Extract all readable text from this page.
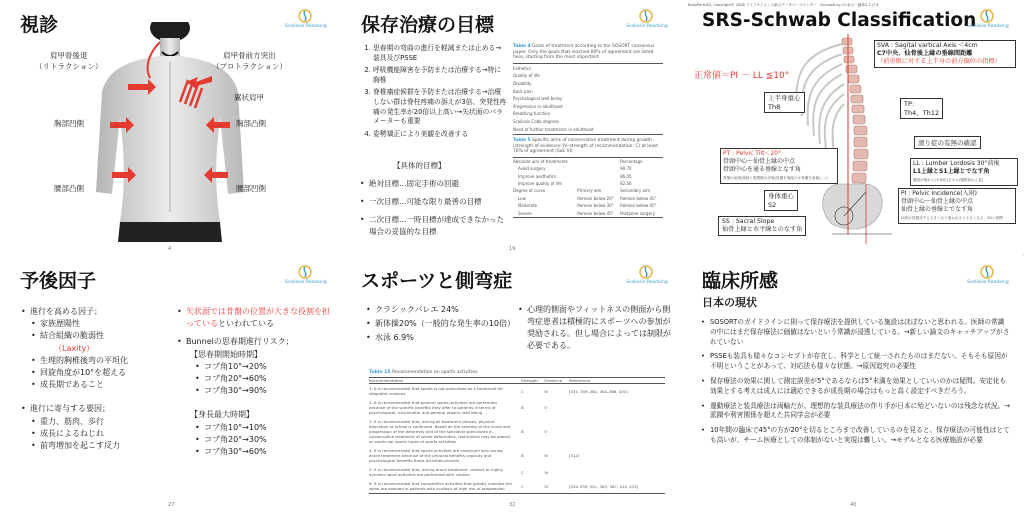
視診	Scoliosis Readaing
肩甲骨後退
（リトラクション）
肩甲骨前方突出
（プロトラクション）
翼状肩甲
胸部凹側	胸部凸側
腰部凸側	腰部凹側
4
保存治療の目標	Scoliosis Readaing
1. 思春期の弯曲の進行を軽減または止める→装具及びPSSE
2. 呼吸機能障害を予防または治療する→特に胸椎
3. 脊椎痛症候群を予防または治療する→治療しない群は脊柱疼痛の訴えが3倍、突発性疼痛の発生率が20倍以上高い→矢状面のパラメーターも重要
4. 姿勢矯正により美観を改善する
【具体的目標】
• 絶対目標…固定手術の回避
• 一次目標…可能な限り最善の目標
• 二次目標…一時目標が達成できなかった場合の妥協的な目標
Table 4 Goals of treatment according to the SOSORT consensus paper. Only the goals that reached 80% of agreement are listed here, starting from the most important
Esthetics
Quality of life
Disability
Back pain
Psychological well-being
Progression in adulthood
Breathing function
Scoliosis Cobb degrees
Need of further treatments in adulthood
Table 5 Specific aims of conservative treatment during growth (strength of evidence: IV–strength of recommendation: C) at least 70% of agreement (SoE VI)
Absolute aim of treatments		Percentage
Avoid surgery		90.70
Improve aesthetics		86.05
Improve quality of life		82.56
Degree of curve	Primary aim	Secondary aim
Low	Remain below 20°	Remain below 45°
Moderate	Remain below 30°	Remain below 45°
Severe	Remain below 45°	Postpone surgery
19
BodyParts3D, Copyright© 2008 ライフサイエンス統合データベースセンター　licensed by CC表示－継承2.1 日本
SRS-Schwab Classification
Scoliosis Readaing
正常値＝PI － LL ≦10°
SVA : Sagital vartical Axis ＜4cm
C7中央、仙骨後上縁の垂線間距離
（前重額に対する上半身の前方偏位の指標）
上半身重心
Th8	TP：
Th4、Th12
滑り症の有無の確認
PT : Pelvic Tilt＜20°
骨頭中心～仙骨上縁の中点
骨頭中心を通る垂線となす角
骨盤の前傾/後傾と股関節の評価(骨盤を後傾させ骨盤を前傾に...)
LL : Lumber Lordosis 30°前後
L1上縁とS1上縁とでなす角
腰部が後わん(平坦化)させる(腰椎前わん量)
身体重心
S2
PI : Pelvic Incidence(入射)
骨頭中心～仙骨上縁の中点
仙骨上縁の垂線とでなす角
仙骨が骨盤対する大きくなり重ねなると小さくなる：SSと相関
SS : Sacral Slope
仙骨上縁と水平線とのなす角
予後因子	Scoliosis Readaing
• 進行を高める因子；
• 家族歴陽性
• 結合組織の脆弱性
（Laxity）
• 生理的胸椎後弯の平坦化
• 回旋角度が10°を超える
• 成長期であること
• 進行に寄与する要因；
• 重力、筋肉、歩行
• 成長によるねじれ
• 前弯増加を起こす反力
• 矢状面では骨盤の位置が大きな役割を担っているといわれている
• Bunnelの思春期進行リスク；
【思春期開始時期】
• コブ角10°→20%
• コブ角20°→60%
• コブ角30°→90%
【身長最大時期】
• コブ角10°→10%
• コブ角20°→30%
• コブ角30°→60%
27
スポーツと側弯症	Scoliosis Readaing
• クラシックバレエ 24%
• 新体操20%（一般的な発生率の10倍）
• 水泳 6.9%
• 心理的側面やフィットネスの側面から側弯症患者は積極的にスポーツへの参加が奨励される。但し場合によっては制限が必要である。
Table 15 Recommendation on sports activities
Recommendation	Strength	Evidence	References
1. It is recommended that sports is not prescribed as a treatment for idiopathic scoliosis	C	IV	[331, 359–362, 364–366, 432]
2. It is recommended that general sports activities are performed because of the specific benefits they offer to patients in terms of psychological, neuromotor and general organic well-being	B	V	
3. It is recommended that, during all treatment phases, physical education at school is continued. Based on the severity of the curve and progression of the deformity and of the specialist specialized in conservative treatment of spinal deformities, restrictions may be placed on particular sports types of sports activities	B	V	
4. It is recommended that sports activities are continued also during brace treatment because of the physical benefits capacity and psychological benefits these activities provide	B	IV	[312]
5. It is recommended that, during brace treatment, contact or highly dynamic sport activities are performed with caution	C	VI	
6. It is recommended that competitive activities that greatly mobilize the spine are avoided in patients with scoliosis at high risk of progression	C	IV	[334–339, 351, 363, 367, 414, 415]
32
臨床所感	Scoliosis Readaing
日本の現状
• SOSORTのガイドラインに則って保存療法を提供している施設はほぼないと思われる。医師の常識の中にはまだ保存療法に価値はないという常識が浸透している。→新しい論文のキャッチアップがされていない
• PSSEも装具も様々なコンセプトが存在し、科学として統一されたものはまだない。そもそも原因が不明ということがあって、対応法も様々な状態。→原因追究の必要性
• 保存療法の効果に関して測定誤差が5°であるならば5°未満を効果としていいのかは疑問。安定化も効果とする考えは成人には適応できるが成長期の場合はもっと高く設定すべきだろう。
• 運動療法と装具療法は両輪だが、理想的な装具療法の作り手が日本に殆どいないのは残念な状況。→派閥や利害関係を超えた共同学会が必要
• 10年間の臨床で45°の方が20°を切るところまで改善しているのを見ると、保存療法の可能性はとても高いが、チーム医療としての体制がないと実現は難しい。→モデルとなる医療施設が必要
40
